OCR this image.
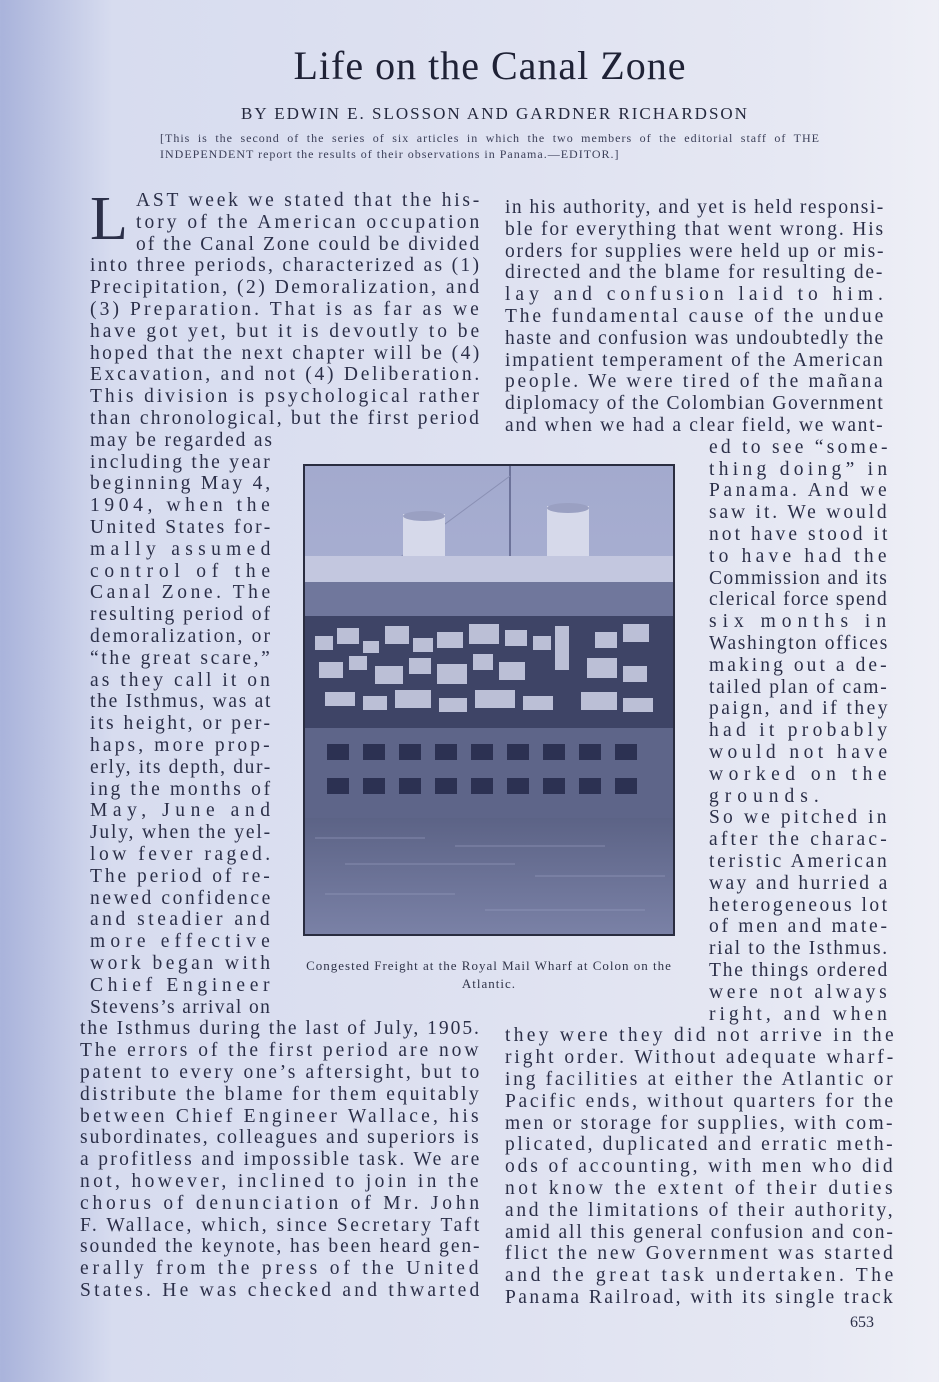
Life on the Canal Zone
BY EDWIN E. SLOSSON AND GARDNER RICHARDSON
[This is the second of the series of six articles in which the two members of the editorial staff of THE INDEPENDENT report the results of their observations in Panama.—EDITOR.]
L AST week we stated that the his-
tory of the American occupation
of the Canal Zone could be divided
into three periods, characterized as (1)
Precipitation, (2) Demoralization, and
(3) Preparation. That is as far as we
have got yet, but it is devoutly to be
hoped that the next chapter will be (4)
Excavation, and not (4) Deliberation.
This division is psychological rather
than chronological, but the first period
may be regarded as
including the year
beginning May 4,
1904, when the
United States for-
mally assumed
control of the
Canal Zone. The
resulting period of
demoralization, or
“the great scare,”
as they call it on
the Isthmus, was at
its height, or per-
haps, more prop-
erly, its depth, dur-
ing the months of
May, June and
July, when the yel-
low fever raged.
The period of re-
newed confidence
and steadier and
more effective
work began with
Chief Engineer
Stevens’s arrival on
the Isthmus during the last of July, 1905.
The errors of the first period are now
patent to every one’s aftersight, but to
distribute the blame for them equitably
between Chief Engineer Wallace, his
subordinates, colleagues and superiors is
a profitless and impossible task. We are
not, however, inclined to join in the
chorus of denunciation of Mr. John
F. Wallace, which, since Secretary Taft
sounded the keynote, has been heard gen-
erally from the press of the United
States. He was checked and thwarted
in his authority, and yet is held responsi-
ble for everything that went wrong. His
orders for supplies were held up or mis-
directed and the blame for resulting de-
lay and confusion laid to him.
The fundamental cause of the undue
haste and confusion was undoubtedly the
impatient temperament of the American
people. We were tired of the mañana
diplomacy of the Colombian Government
and when we had a clear field, we want-
ed to see “some-
thing doing” in
Panama. And we
saw it. We would
not have stood it
to have had the
Commission and its
clerical force spend
six months in
Washington offices
making out a de-
tailed plan of cam-
paign, and if they
had it probably
would not have
worked on the
grounds.
So we pitched in
after the charac-
teristic American
way and hurried a
heterogeneous lot
of men and mate-
rial to the Isthmus.
The things ordered
were not always
right, and when
they were they did not arrive in the
right order. Without adequate wharf-
ing facilities at either the Atlantic or
Pacific ends, without quarters for the
men or storage for supplies, with com-
plicated, duplicated and erratic meth-
ods of accounting, with men who did
not know the extent of their duties
and the limitations of their authority,
amid all this general confusion and con-
flict the new Government was started
and the great task undertaken. The
Panama Railroad, with its single track
Congested Freight at the Royal Mail Wharf at Colon on the Atlantic.
653
